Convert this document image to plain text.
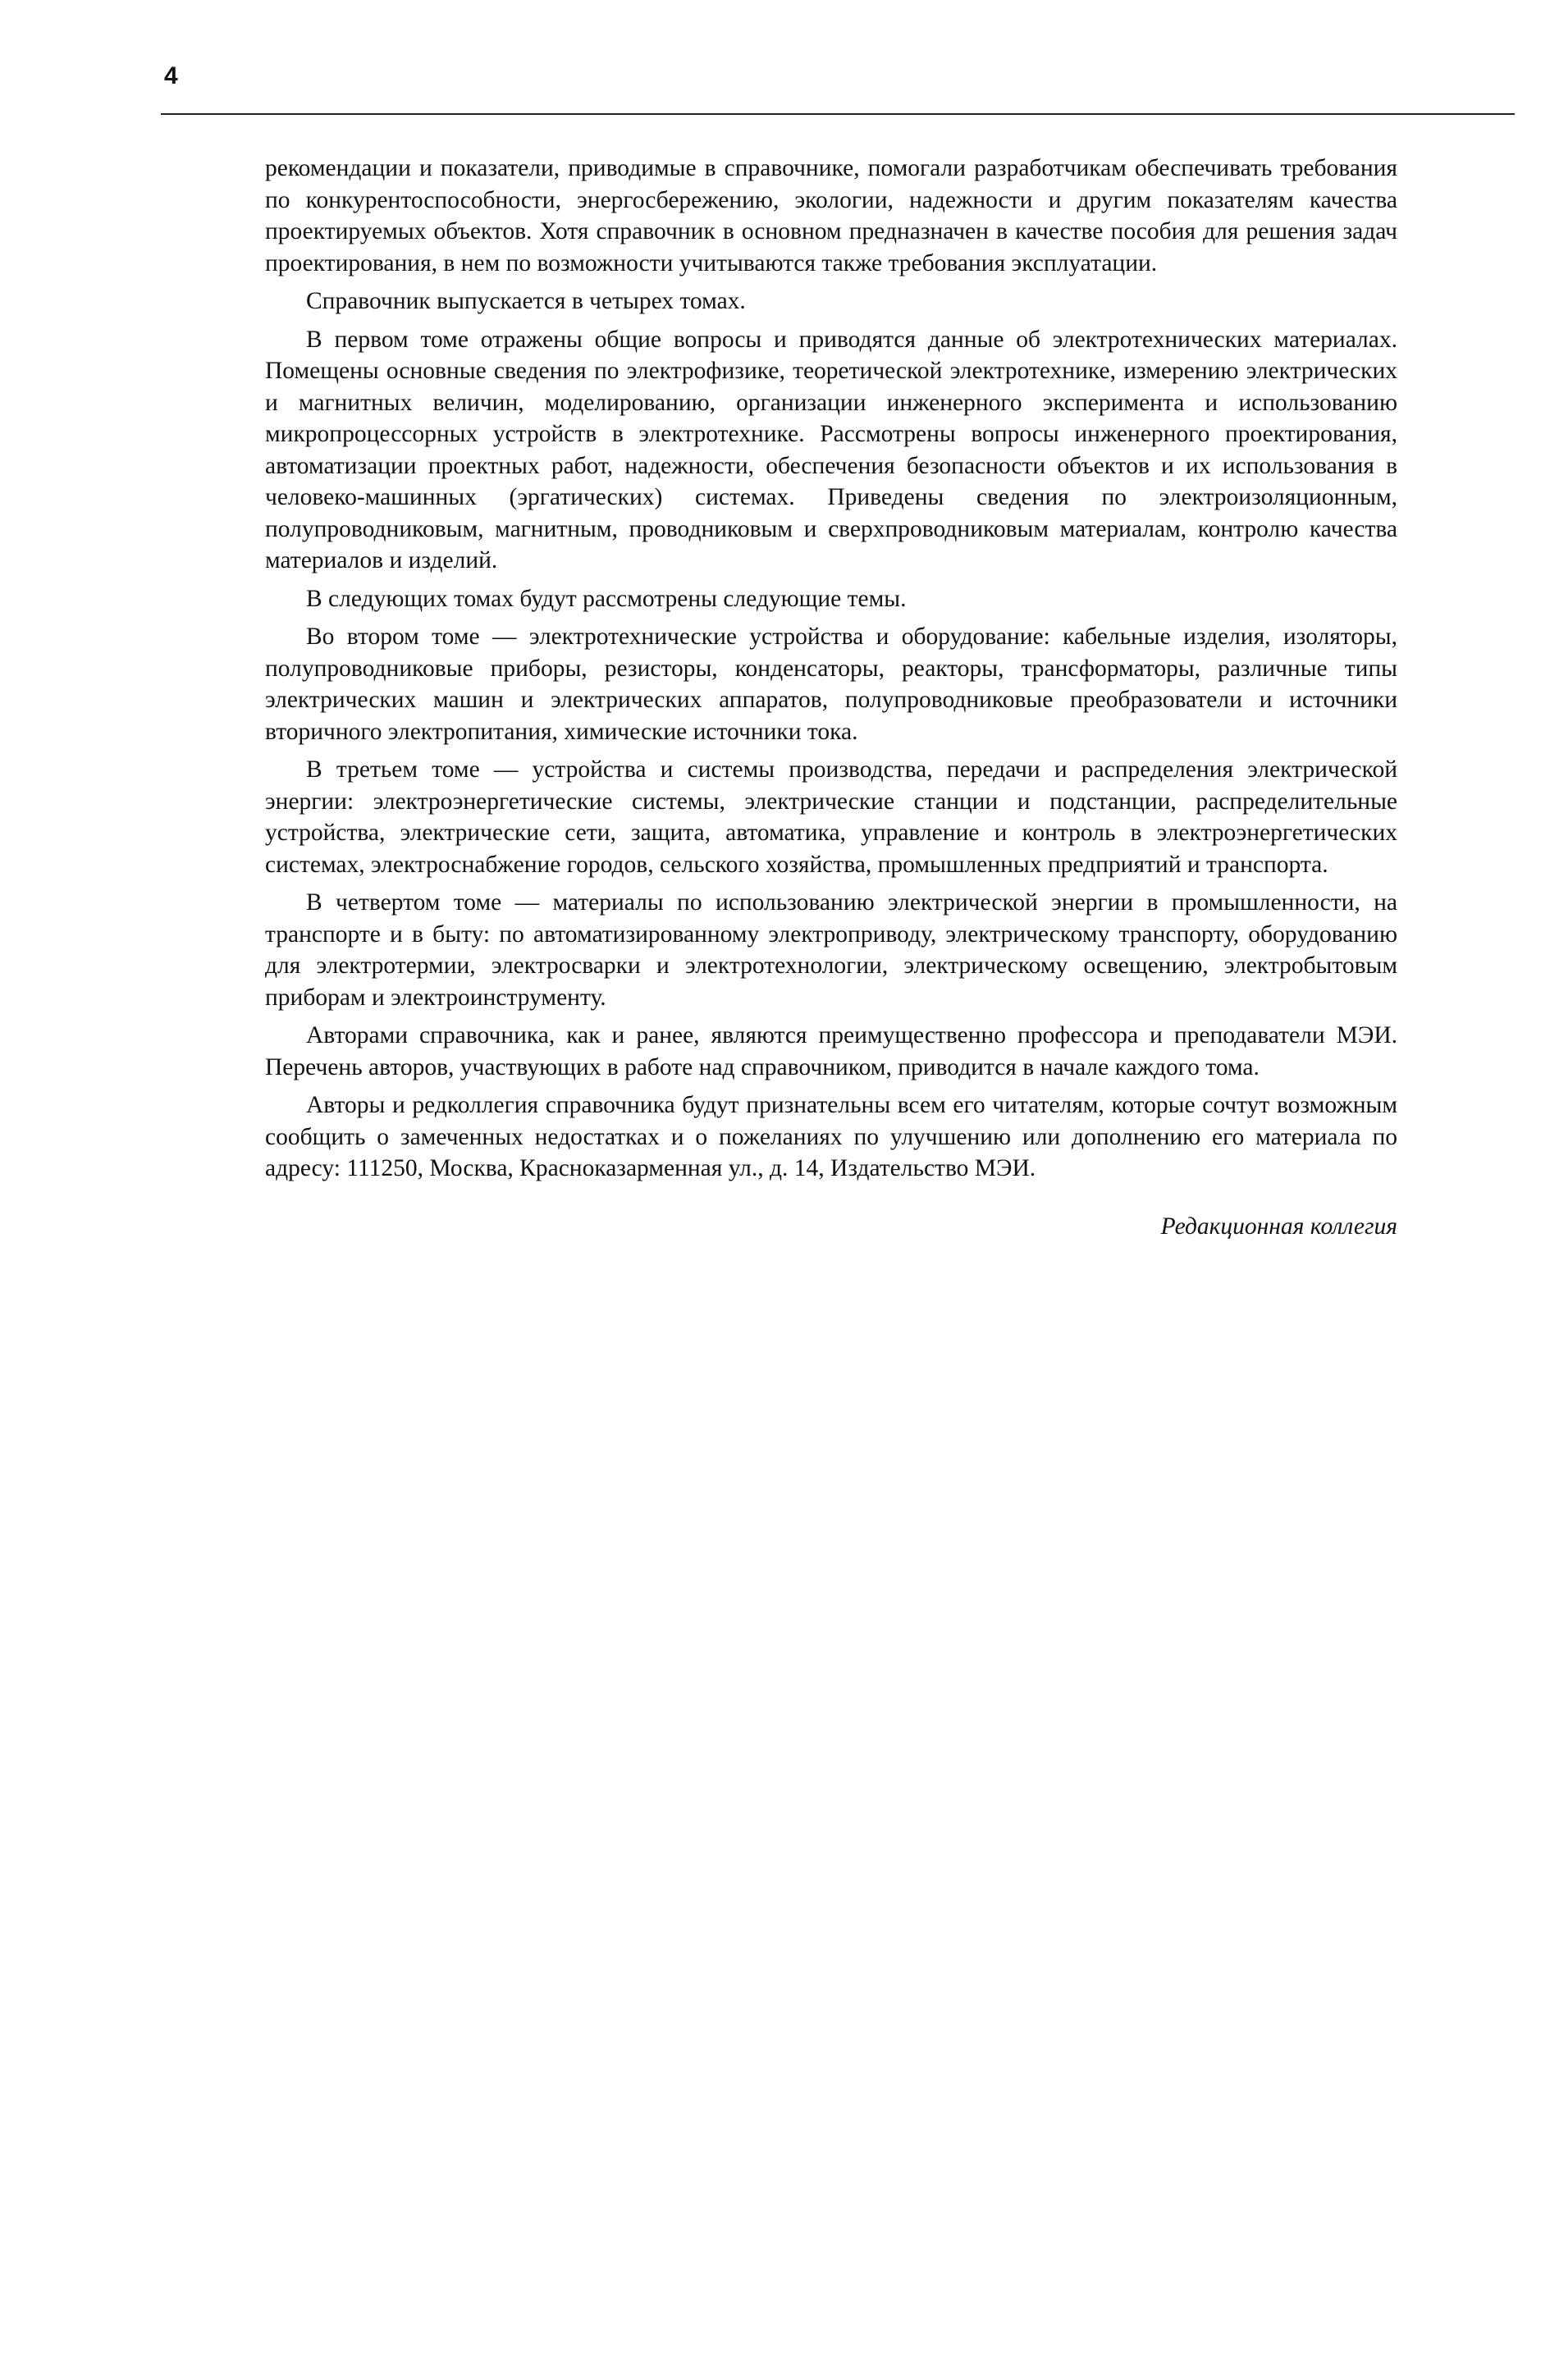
4

рекомендации и показатели, приводимые в справочнике, помогали разработчикам обеспечивать требования по конкурентоспособности, энергосбережению, экологии, надежности и другим показателям качества проектируемых объектов. Хотя справочник в основном предназначен в качестве пособия для решения задач проектирования, в нем по возможности учитываются также требования эксплуатации.

Справочник выпускается в четырех томах.

В первом томе отражены общие вопросы и приводятся данные об электротехнических материалах. Помещены основные сведения по электрофизике, теоретической электротехнике, измерению электрических и магнитных величин, моделированию, организации инженерного эксперимента и использованию микропроцессорных устройств в электротехнике. Рассмотрены вопросы инженерного проектирования, автоматизации проектных работ, надежности, обеспечения безопасности объектов и их использования в человеко-машинных (эргатических) системах. Приведены сведения по электроизоляционным, полупроводниковым, магнитным, проводниковым и сверхпроводниковым материалам, контролю качества материалов и изделий.

В следующих томах будут рассмотрены следующие темы.

Во втором томе — электротехнические устройства и оборудование: кабельные изделия, изоляторы, полупроводниковые приборы, резисторы, конденсаторы, реакторы, трансформаторы, различные типы электрических машин и электрических аппаратов, полупроводниковые преобразователи и источники вторичного электропитания, химические источники тока.

В третьем томе — устройства и системы производства, передачи и распределения электрической энергии: электроэнергетические системы, электрические станции и подстанции, распределительные устройства, электрические сети, защита, автоматика, управление и контроль в электроэнергетических системах, электроснабжение городов, сельского хозяйства, промышленных предприятий и транспорта.

В четвертом томе — материалы по использованию электрической энергии в промышленности, на транспорте и в быту: по автоматизированному электроприводу, электрическому транспорту, оборудованию для электротермии, электросварки и электротехнологии, электрическому освещению, электробытовым приборам и электроинструменту.

Авторами справочника, как и ранее, являются преимущественно профессора и преподаватели МЭИ. Перечень авторов, участвующих в работе над справочником, приводится в начале каждого тома.

Авторы и редколлегия справочника будут признательны всем его читателям, которые сочтут возможным сообщить о замеченных недостатках и о пожеланиях по улучшению или дополнению его материала по адресу: 111250, Москва, Красноказарменная ул., д. 14, Издательство МЭИ.

Редакционная коллегия
